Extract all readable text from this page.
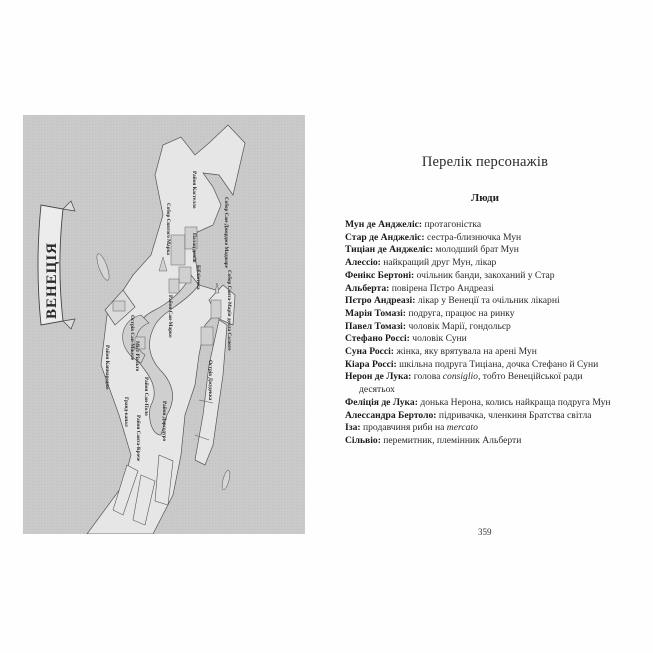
ВЕНЕЦІЯ
Острів Сан-Мікеле
Собор Святого Марка
Район Кастелло
Собор Сан-Джорджо Маджоре
Палац дожів
Бібліотека	Собор Санта-Марія делла Салюте
Район Сан-Марко
Міст Ріальто
Район Каннареджо
Район Сан-Поло
Гранд-канал
Район Санта-Кроче	Район Дорсодуро
Острів Джудекка
Перелік персонажів
Люди
Мун де Анджеліс: протагоністка
Стар де Анджеліс: сестра-близнючка Мун
Тиціан де Анджеліс: молодший брат Мун
Алессіо: найкращий друг Мун, лікар
Фенікс Бертоні: очільник банди, закоханий у Стар
Альберта: повірена Пєтро Андреазі
Пєтро Андреазі: лікар у Венеції та очільник лікарні
Марія Томазі: подруга, працює на ринку
Павел Томазі: чоловік Марії, гондольєр
Стефано Россі: чоловік Суни
Суна Россі: жінка, яку врятувала на арені Мун
Кіара Россі: шкільна подруга Тиціана, дочка Стефано й Суни
Нерон де Лука: голова consiglio, тобто Венеційської ради десятьох
Феліція де Лука: донька Нерона, колись найкраща подруга Мун
Алессандра Бертоло: підривачка, членкиня Братства світла
Іза: продавчиня риби на mercato
Сільвіо: перемитник, племінник Альберти
359
